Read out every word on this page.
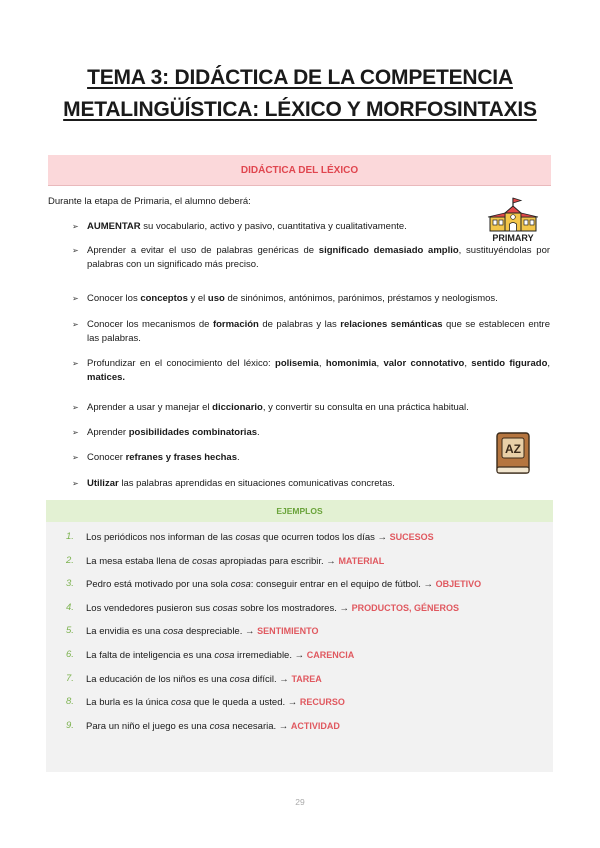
TEMA 3: DIDÁCTICA DE LA COMPETENCIA
METALINGÜÍSTICA: LÉXICO Y MORFOSINTAXIS
DIDÁCTICA DEL LÉXICO
Durante la etapa de Primaria, el alumno deberá:
PRIMARY
➢ AUMENTAR su vocabulario, activo y pasivo, cuantitativa y cualitativamente.
➢ Aprender a evitar el uso de palabras genéricas de significado demasiado amplio, sustituyéndolas por palabras con un significado más preciso.
➢ Conocer los conceptos y el uso de sinónimos, antónimos, parónimos, préstamos y neologismos.
➢ Conocer los mecanismos de formación de palabras y las relaciones semánticas que se establecen entre las palabras.
➢ Profundizar en el conocimiento del léxico: polisemia, homonimia, valor connotativo, sentido figurado, matices.
➢ Aprender a usar y manejar el diccionario, y convertir su consulta en una práctica habitual.
➢ Aprender posibilidades combinatorias.
➢ Conocer refranes y frases hechas.
➢ Utilizar las palabras aprendidas en situaciones comunicativas concretas.
AZ
EJEMPLOS
1. Los periódicos nos informan de las cosas que ocurren todos los días → SUCESOS
2. La mesa estaba llena de cosas apropiadas para escribir. → MATERIAL
3. Pedro está motivado por una sola cosa: conseguir entrar en el equipo de fútbol. → OBJETIVO
4. Los vendedores pusieron sus cosas sobre los mostradores. → PRODUCTOS, GÉNEROS
5. La envidia es una cosa despreciable. → SENTIMIENTO
6. La falta de inteligencia es una cosa irremediable. → CARENCIA
7. La educación de los niños es una cosa difícil. → TAREA
8. La burla es la única cosa que le queda a usted. → RECURSO
9. Para un niño el juego es una cosa necesaria. → ACTIVIDAD
29
